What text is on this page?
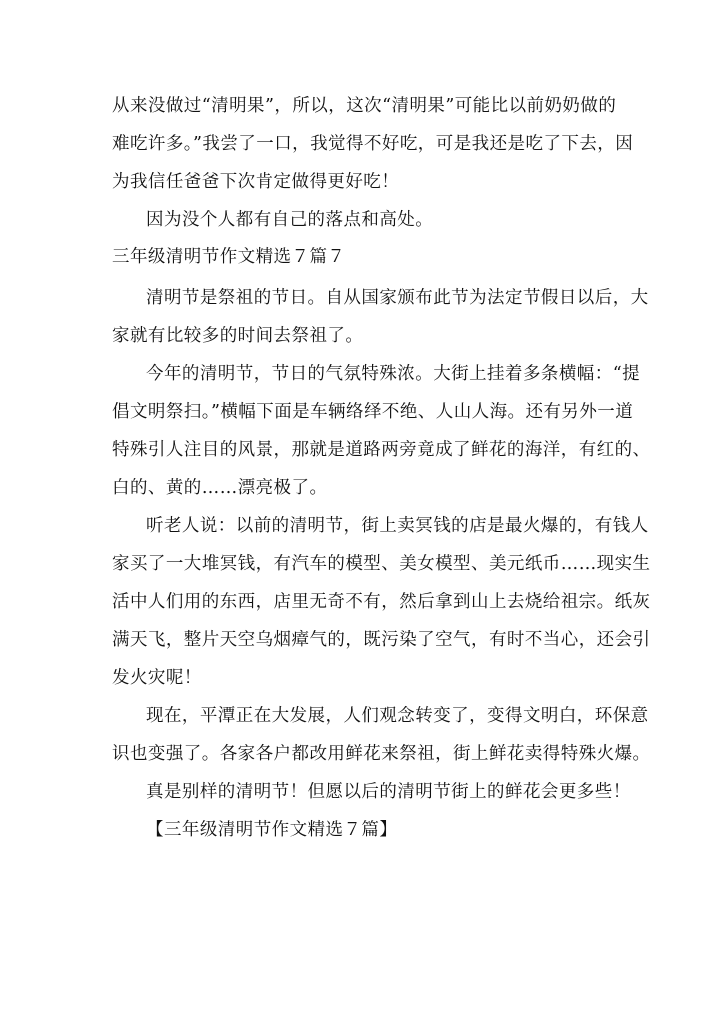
从来没做过“清明果”，所以，这次“清明果”可能比以前奶奶做的
难吃许多。”我尝了一口，我觉得不好吃，可是我还是吃了下去，因
为我信任爸爸下次肯定做得更好吃！
因为没个人都有自己的落点和高处。
三年级清明节作文精选７篇７
清明节是祭祖的节日。自从国家颁布此节为法定节假日以后，大
家就有比较多的时间去祭祖了。
今年的清明节，节日的气氛特殊浓。大街上挂着多条横幅：“提
倡文明祭扫。”横幅下面是车辆络绎不绝、人山人海。还有另外一道
特殊引人注目的风景，那就是道路两旁竟成了鲜花的海洋，有红的、
白的、黄的……漂亮极了。
听老人说：以前的清明节，街上卖冥钱的店是最火爆的，有钱人
家买了一大堆冥钱，有汽车的模型、美女模型、美元纸币……现实生
活中人们用的东西，店里无奇不有，然后拿到山上去烧给祖宗。纸灰
满天飞，整片天空乌烟瘴气的，既污染了空气，有时不当心，还会引
发火灾呢！
现在，平潭正在大发展，人们观念转变了，变得文明白，环保意
识也变强了。各家各户都改用鲜花来祭祖，街上鲜花卖得特殊火爆。
真是别样的清明节！但愿以后的清明节街上的鲜花会更多些！
【三年级清明节作文精选７篇】
